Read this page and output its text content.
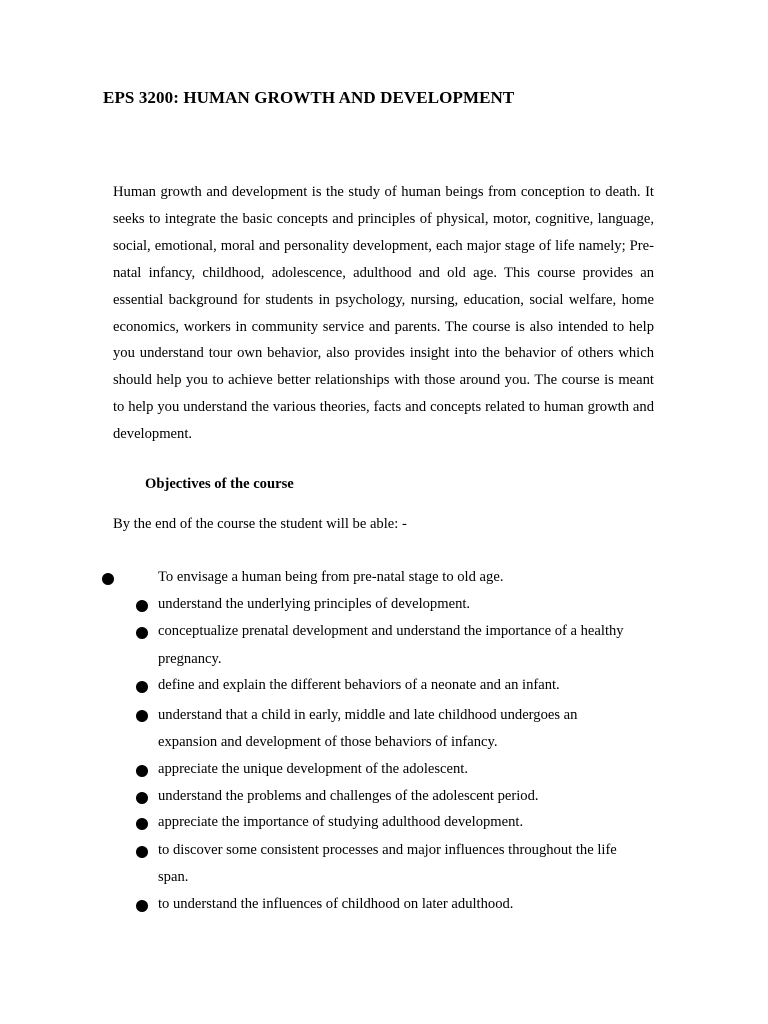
EPS 3200: HUMAN GROWTH AND DEVELOPMENT

Human growth and development is the study of human beings from conception to death. It seeks to integrate the basic concepts and principles of physical, motor, cognitive, language, social, emotional, moral and personality development, each major stage of life namely; Pre-natal infancy, childhood, adolescence, adulthood and old age. This course provides an essential background for students in psychology, nursing, education, social welfare, home economics, workers in community service and parents. The course is also intended to help you understand tour own behavior, also provides insight into the behavior of others which should help you to achieve better relationships with those around you. The course is meant to help you understand the various theories, facts and concepts related to human growth and development.

Objectives of the course
By the end of the course the student will be able: -
To envisage a human being from pre-natal stage to old age.
understand the underlying principles of development.
conceptualize prenatal development and understand the importance of a healthy
pregnancy.
define and explain the different behaviors of a neonate and an infant.
understand that a child in early, middle and late childhood undergoes an
expansion and development of those behaviors of infancy.
appreciate the unique development of the adolescent.
understand the problems and challenges of the adolescent period.
appreciate the importance of studying adulthood development.
to discover some consistent processes and major influences throughout the life
span.
to understand the influences of childhood on later adulthood.
